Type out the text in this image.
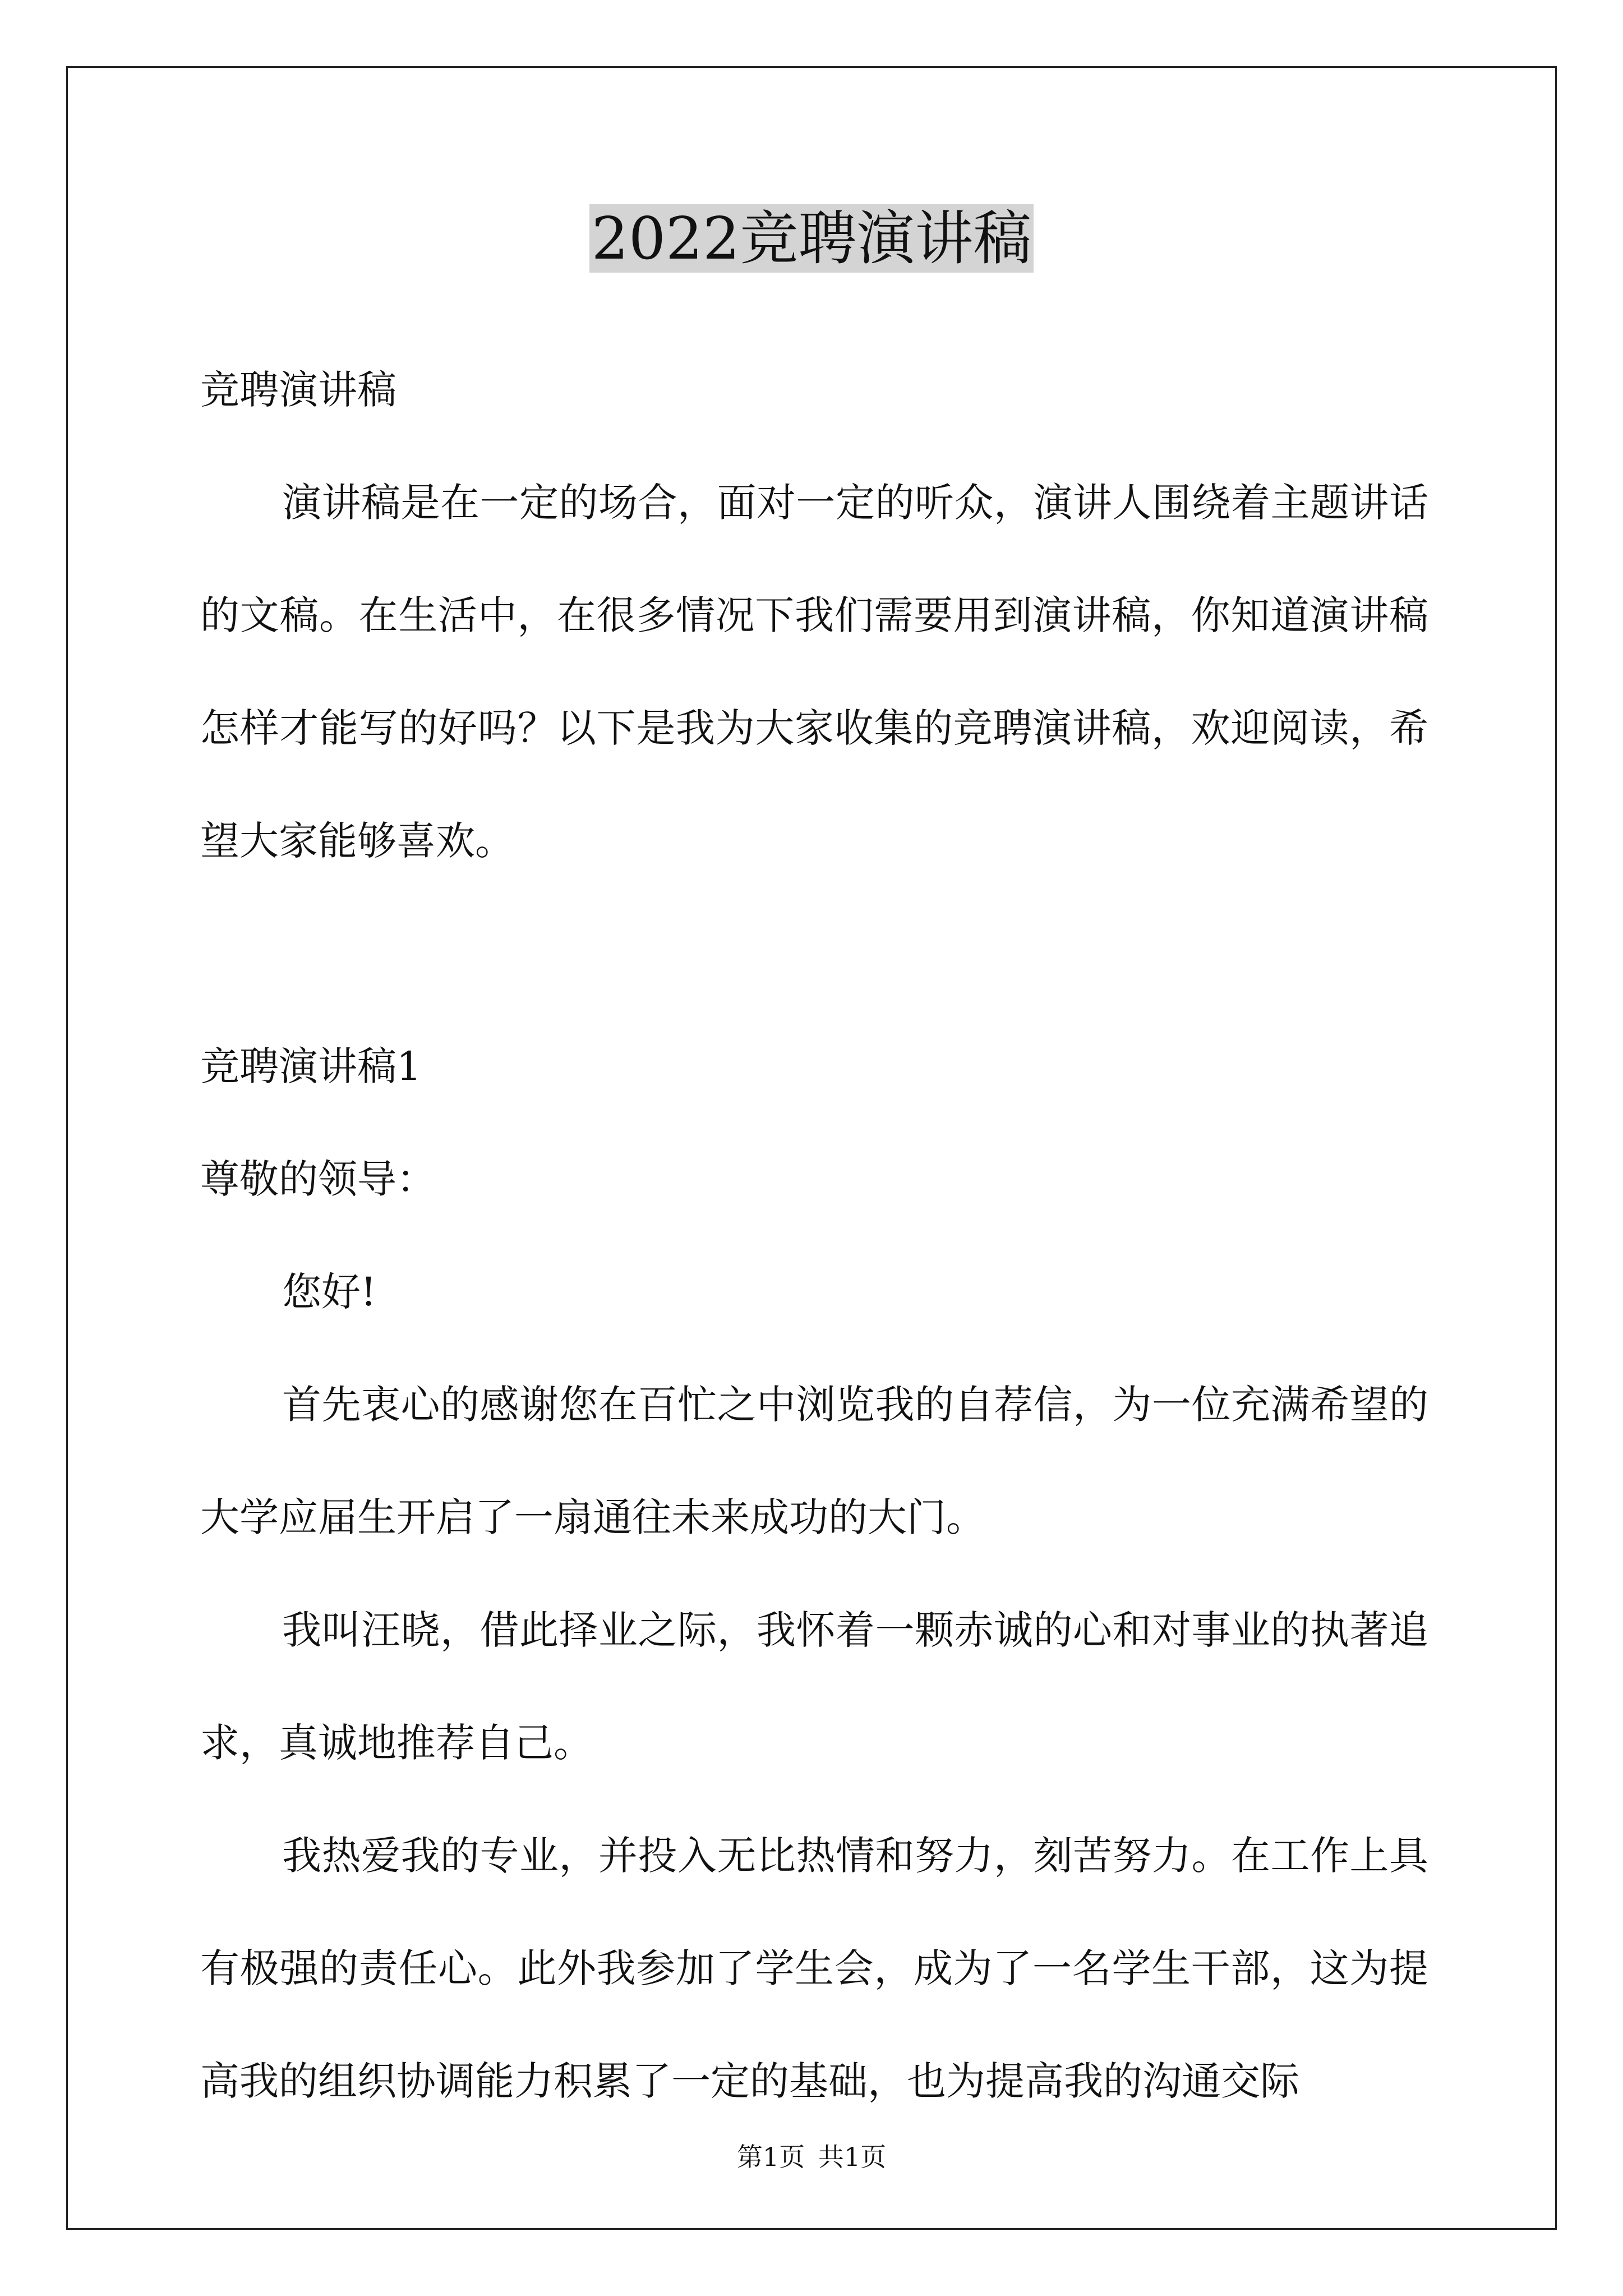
2022竞聘演讲稿

竞聘演讲稿

演讲稿是在一定的场合，面对一定的听众，演讲人围绕着主题讲话的文稿。在生活中，在很多情况下我们需要用到演讲稿，你知道演讲稿怎样才能写的好吗？以下是我为大家收集的竞聘演讲稿，欢迎阅读，希望大家能够喜欢。

竞聘演讲稿1

尊敬的领导：

您好!

首先衷心的感谢您在百忙之中浏览我的自荐信，为一位充满希望的大学应届生开启了一扇通往未来成功的大门。

我叫汪晓，借此择业之际，我怀着一颗赤诚的心和对事业的执著追求，真诚地推荐自己。

我热爱我的专业，并投入无比热情和努力，刻苦努力。在工作上具有极强的责任心。此外我参加了学生会，成为了一名学生干部，这为提高我的组织协调能力积累了一定的基础，也为提高我的沟通交际

第1页 共1页
